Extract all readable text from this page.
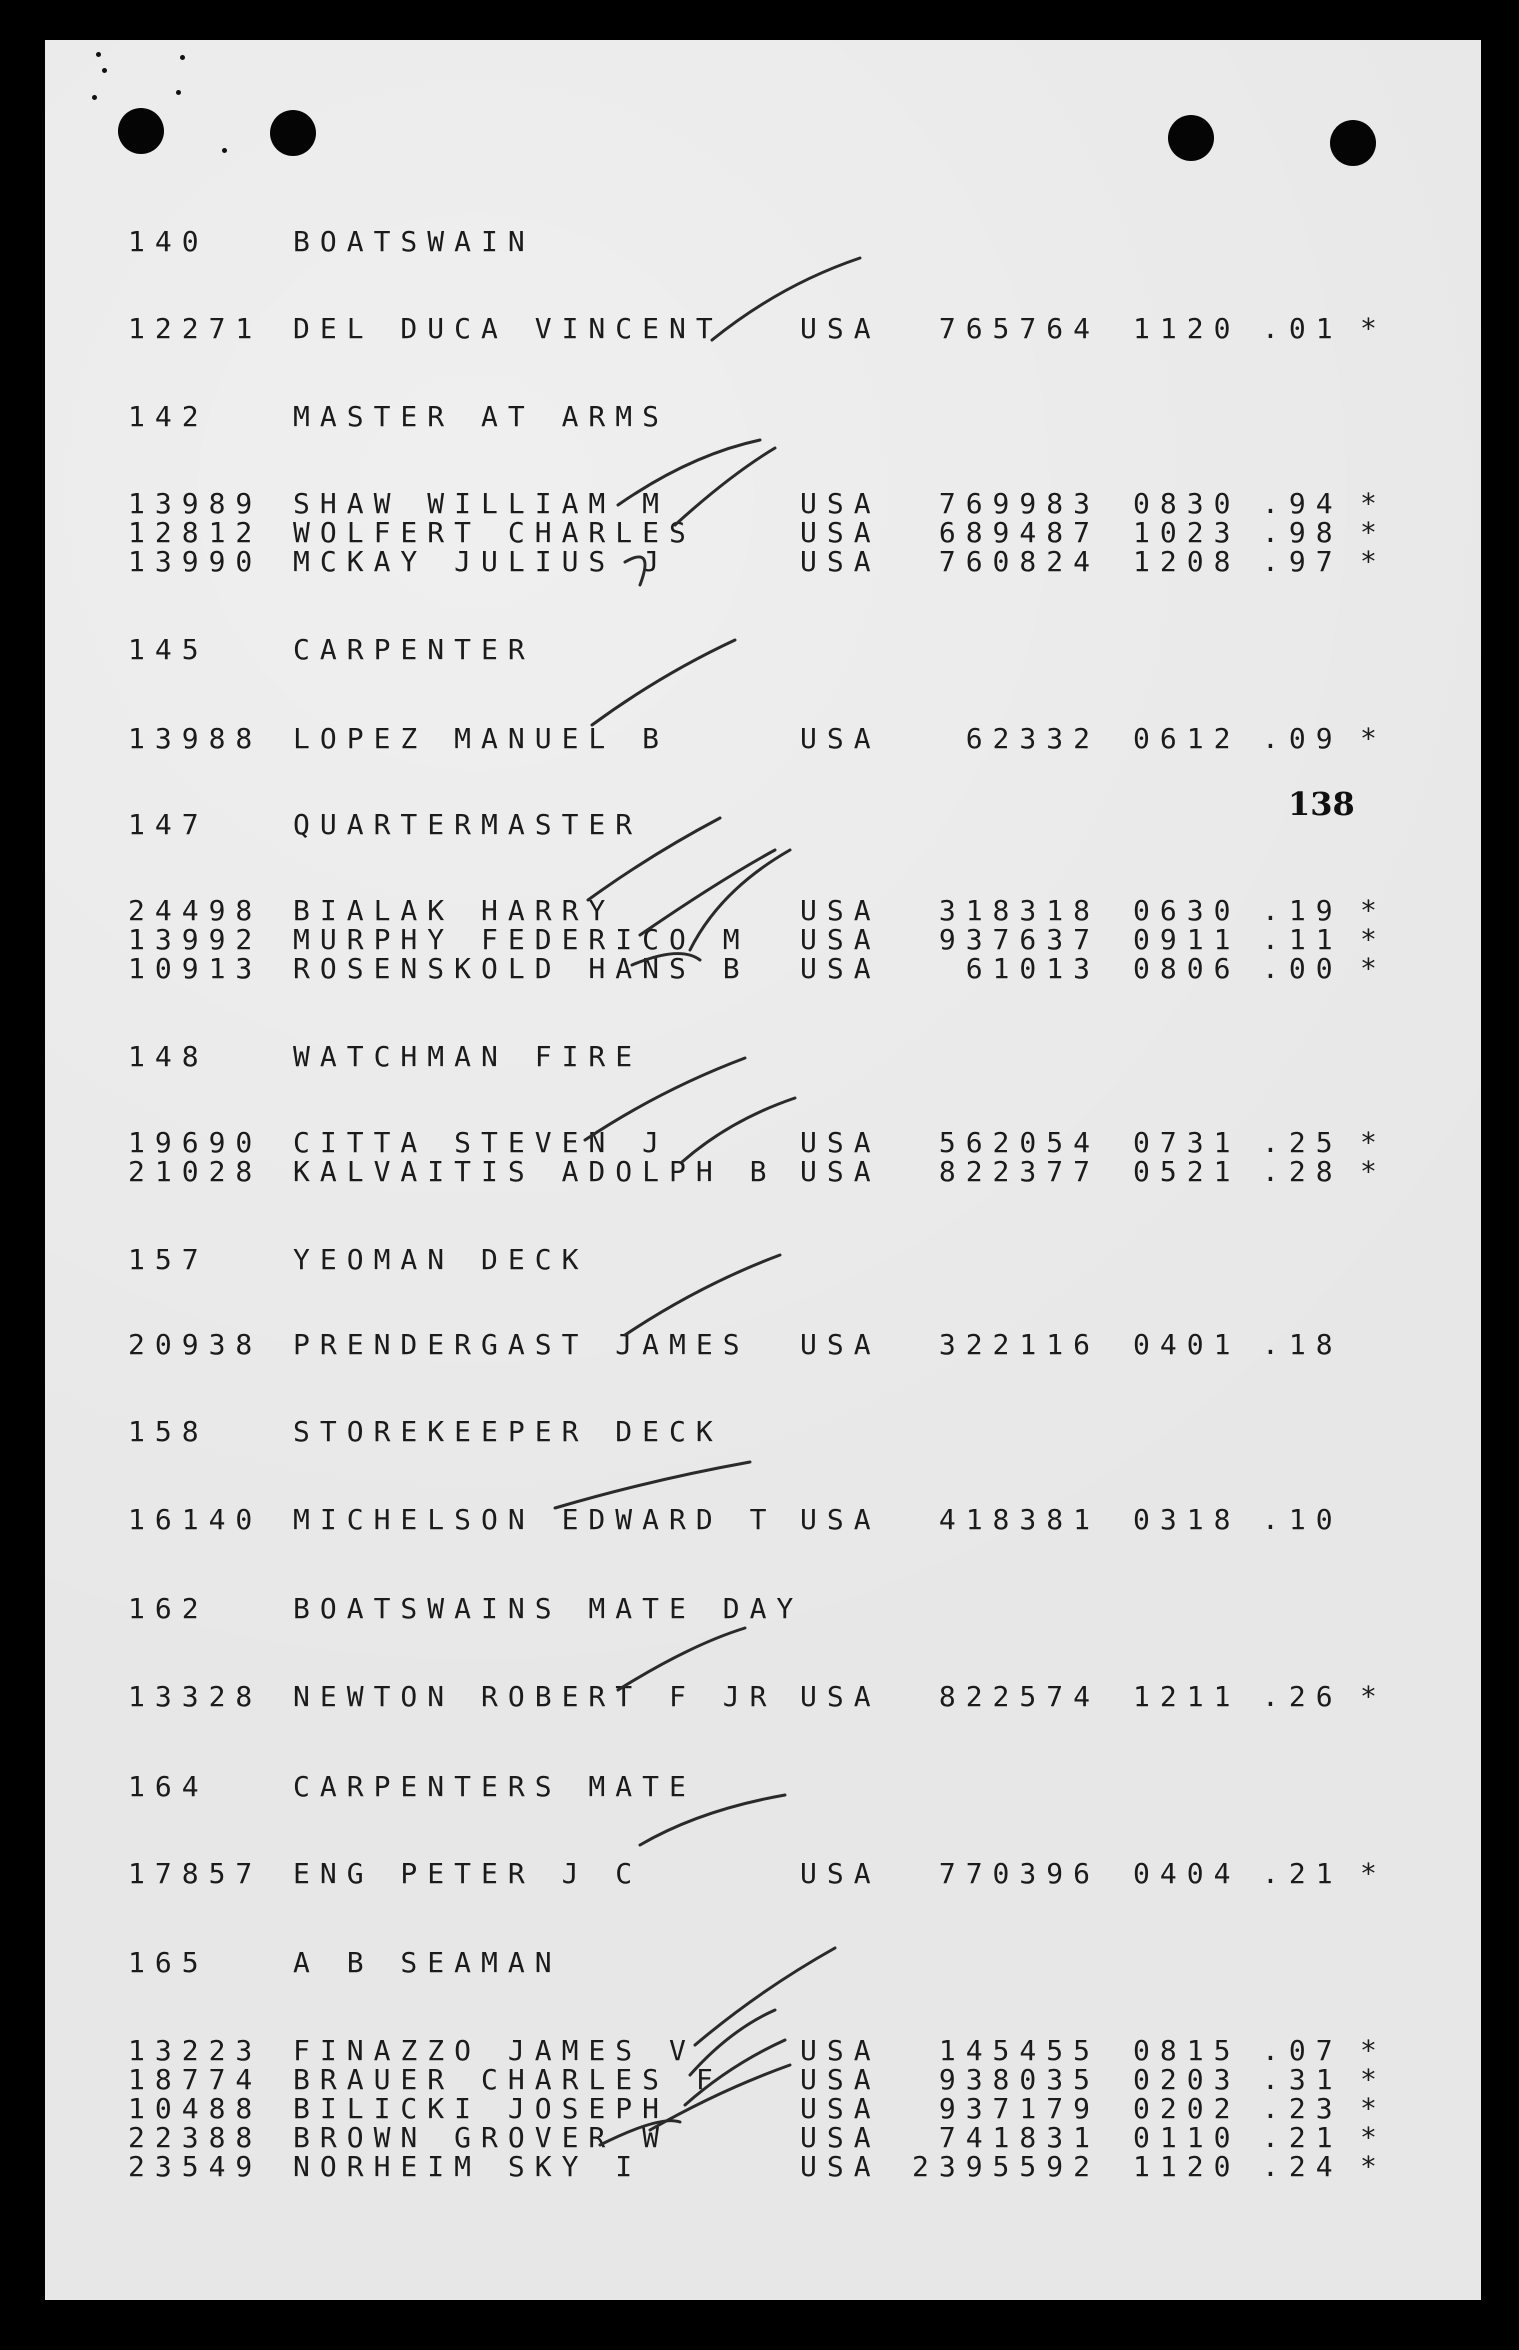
138
140	BOATSWAIN
12271 DEL DUCA VINCENT	USA	765764 1120 .01 *
142	MASTER AT ARMS
13989 SHAW WILLIAM M	USA	769983 0830 .94 *
12812 WOLFERT CHARLES	USA	689487 1023 .98 *
13990 MCKAY JULIUS J	USA	760824 1208 .97 *
145	CARPENTER
13988 LOPEZ MANUEL B	USA	62332 0612 .09 *
147	QUARTERMASTER
24498 BIALAK HARRY	USA	318318 0630 .19 *
13992 MURPHY FEDERICO M USA	937637 0911 .11 *
10913 ROSENSKOLD HANS B USA	61013 0806 .00 *
148	WATCHMAN FIRE
19690 CITTA STEVEN J	USA	562054 0731 .25 *
21028 KALVAITIS ADOLPH B USA	822377 0521 .28 *
157	YEOMAN DECK
20938 PRENDERGAST JAMES USA	322116 0401 .18
158	STOREKEEPER DECK
16140 MICHELSON EDWARD T USA	418381 0318 .10
162	BOATSWAINS MATE DAY
13328 NEWTON ROBERT F JR USA	822574 1211 .26 *
164	CARPENTERS MATE
17857 ENG PETER J C	USA	770396 0404 .21 *
165	A B SEAMAN
13223 FINAZZO JAMES V	USA	145455 0815 .07 *
18774 BRAUER CHARLES F	USA	938035 0203 .31 *
10488 BILICKI JOSEPH	USA	937179 0202 .23 *
22388 BROWN GROVER W	USA	741831 0110 .21 *
23549 NORHEIM SKY I	USA	2395592 1120 .24 *
